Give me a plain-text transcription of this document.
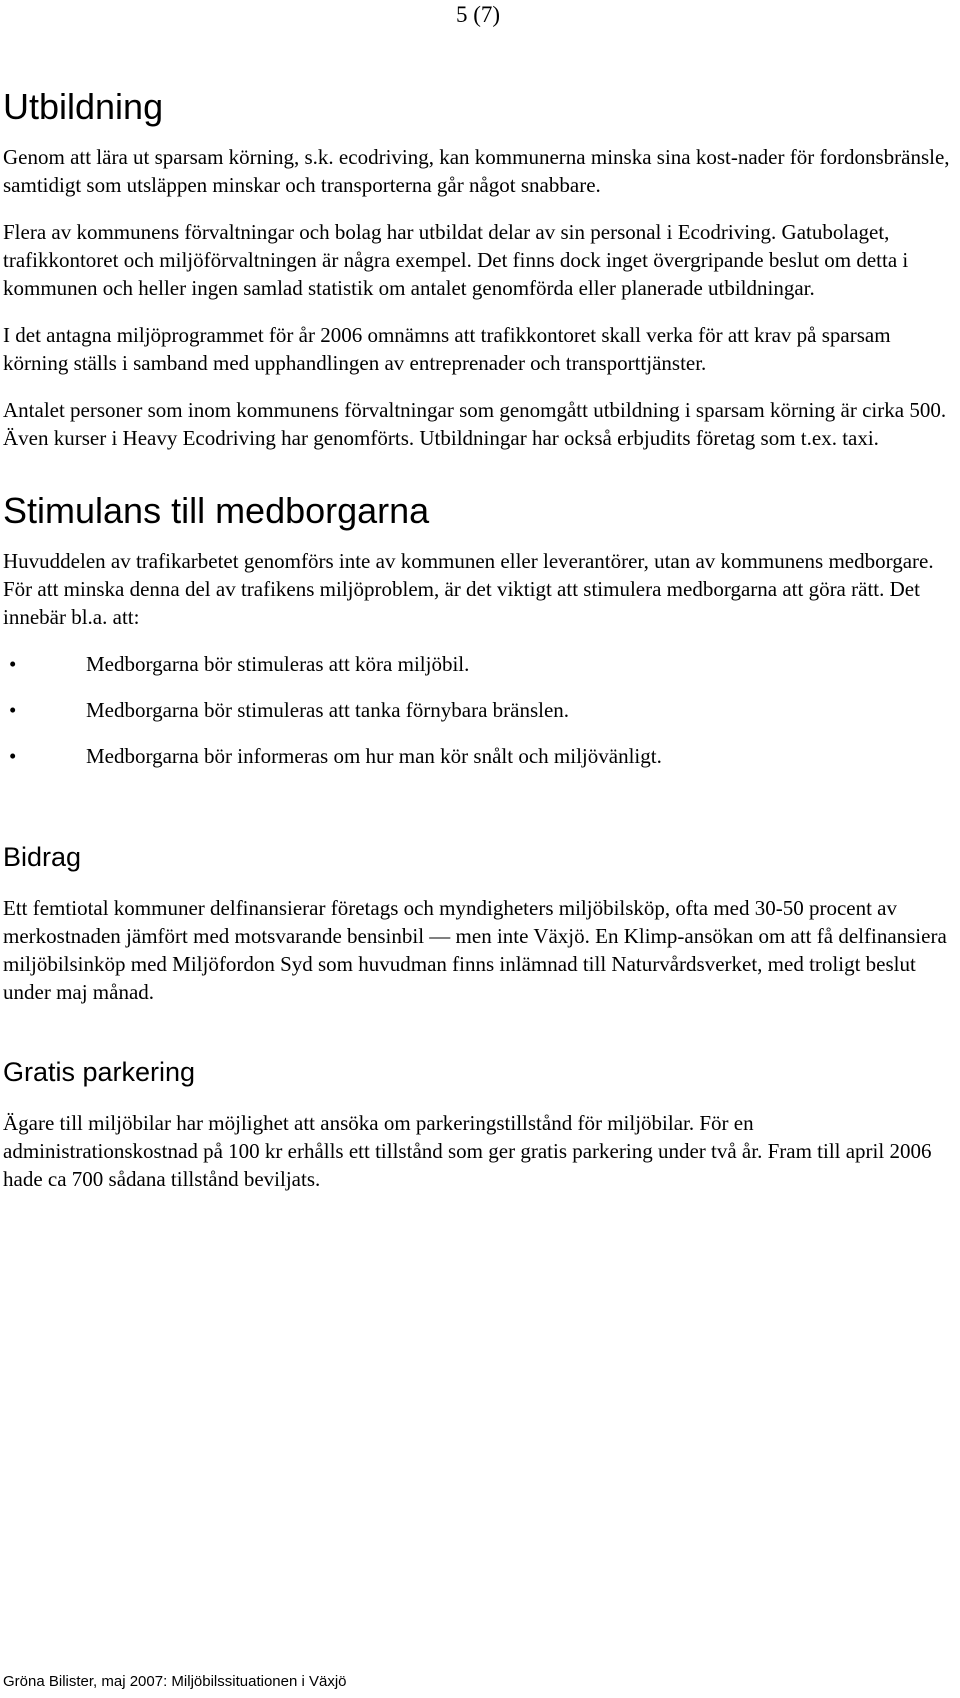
5 (7)
Utbildning

Genom att lära ut sparsam körning, s.k. ecodriving, kan kommunerna minska sina kost-nader för fordonsbränsle, samtidigt som utsläppen minskar och transporterna går något snabbare.

Flera av kommunens förvaltningar och bolag har utbildat delar av sin personal i Ecodriving. Gatubolaget, trafikkontoret och miljöförvaltningen är några exempel. Det finns dock inget övergripande beslut om detta i kommunen och heller ingen samlad statistik om antalet genomförda eller planerade utbildningar.

I det antagna miljöprogrammet för år 2006 omnämns att trafikkontoret skall verka för att krav på sparsam körning ställs i samband med upphandlingen av entreprenader och transporttjänster.

Antalet personer som inom kommunens förvaltningar som genomgått utbildning i sparsam körning är cirka 500. Även kurser i Heavy Ecodriving har genomförts. Utbildningar har också erbjudits företag som t.ex. taxi.

Stimulans till medborgarna

Huvuddelen av trafikarbetet genomförs inte av kommunen eller leverantörer, utan av kommunens medborgare. För att minska denna del av trafikens miljöproblem, är det viktigt att stimulera medborgarna att göra rätt. Det innebär bl.a. att:

•	Medborgarna bör stimuleras att köra miljöbil.
•	Medborgarna bör stimuleras att tanka förnybara bränslen.
•	Medborgarna bör informeras om hur man kör snålt och miljövänligt.
Bidrag

Ett femtiotal kommuner delfinansierar företags och myndigheters miljöbilsköp, ofta med 30-50 procent av merkostnaden jämfört med motsvarande bensinbil — men inte Växjö. En Klimp-ansökan om att få delfinansiera miljöbilsinköp med Miljöfordon Syd som huvudman finns inlämnad till Naturvårdsverket, med troligt beslut under maj månad.

Gratis parkering

Ägare till miljöbilar har möjlighet att ansöka om parkeringstillstånd för miljöbilar. För en administrationskostnad på 100 kr erhålls ett tillstånd som ger gratis parkering under två år. Fram till april 2006 hade ca 700 sådana tillstånd beviljats.

Gröna Bilister, maj 2007: Miljöbilssituationen i Växjö
